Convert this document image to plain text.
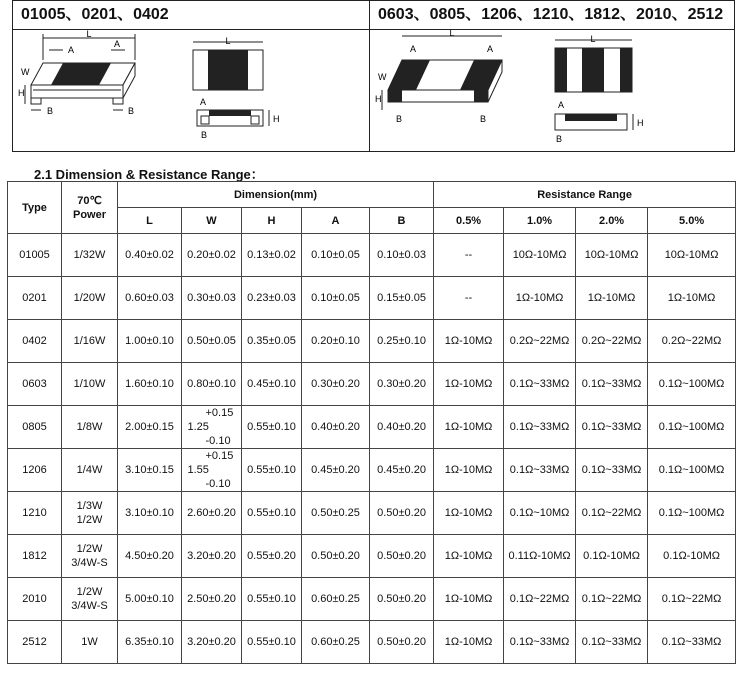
01005、0201、0402
L
A
A
W
H
B	B
L
A
H
B
0603、0805、1206、1210、1812、2010、2512
L
A	A
W
H
B	B
L
A
H
B
2.1 Dimension & Resistance Range：
Type	70℃
Power	Dimension(mm)					Resistance Range			
		L	W	H	A	B	0.5%	1.0%	2.0%	5.0%
01005	1/32W	0.40±0.02	0.20±0.02	0.13±0.02	0.10±0.05	0.10±0.03	--	10Ω-10MΩ	10Ω-10MΩ	10Ω-10MΩ
0201	1/20W	0.60±0.03	0.30±0.03	0.23±0.03	0.10±0.05	0.15±0.05	--	1Ω-10MΩ	1Ω-10MΩ	1Ω-10MΩ
0402	1/16W	1.00±0.10	0.50±0.05	0.35±0.05	0.20±0.10	0.25±0.10	1Ω-10MΩ	0.2Ω~22MΩ	0.2Ω~22MΩ	0.2Ω~22MΩ
0603	1/10W	1.60±0.10	0.80±0.10	0.45±0.10	0.30±0.20	0.30±0.20	1Ω-10MΩ	0.1Ω~33MΩ	0.1Ω~33MΩ	0.1Ω~100MΩ
0805	1/8W	2.00±0.15	+0.15
1.25
-0.10	0.55±0.10	0.40±0.20	0.40±0.20	1Ω-10MΩ	0.1Ω~33MΩ	0.1Ω~33MΩ	0.1Ω~100MΩ
1206	1/4W	3.10±0.15	+0.15
1.55
-0.10	0.55±0.10	0.45±0.20	0.45±0.20	1Ω-10MΩ	0.1Ω~33MΩ	0.1Ω~33MΩ	0.1Ω~100MΩ
1210	1/3W
1/2W	3.10±0.10	2.60±0.20	0.55±0.10	0.50±0.25	0.50±0.20	1Ω-10MΩ	0.1Ω~10MΩ	0.1Ω~22MΩ	0.1Ω~100MΩ
1812	1/2W
3/4W-S	4.50±0.20	3.20±0.20	0.55±0.20	0.50±0.20	0.50±0.20	1Ω-10MΩ	0.11Ω-10MΩ	0.1Ω-10MΩ	0.1Ω-10MΩ
2010	1/2W
3/4W-S	5.00±0.10	2.50±0.20	0.55±0.10	0.60±0.25	0.50±0.20	1Ω-10MΩ	0.1Ω~22MΩ	0.1Ω~22MΩ	0.1Ω~22MΩ
2512	1W	6.35±0.10	3.20±0.20	0.55±0.10	0.60±0.25	0.50±0.20	1Ω-10MΩ	0.1Ω~33MΩ	0.1Ω~33MΩ	0.1Ω~33MΩ
